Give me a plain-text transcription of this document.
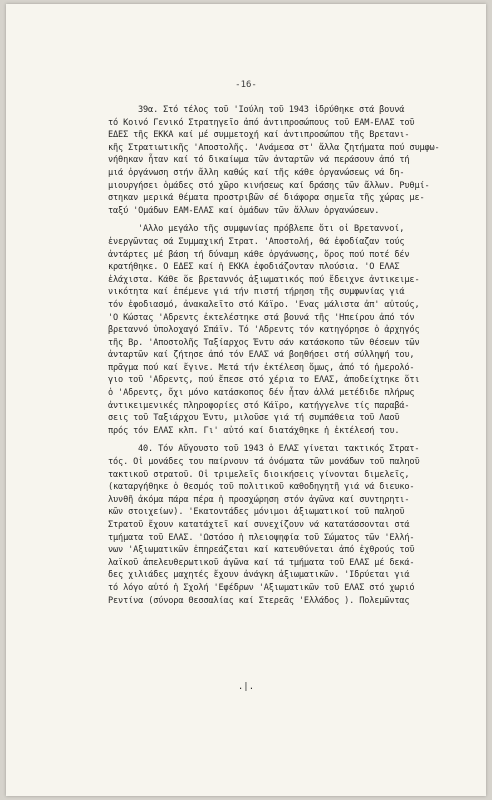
-16-
39α. Στό τέλος τοῦ 'Ιούλη τοῦ 1943 ἱδρύθηκε στά βουνά
τό Κοινό Γενικό Στρατηγεῖο ἀπό ἀντιπροσώπους τοῦ ΕΑΜ-ΕΛΑΣ τοῦ
ΕΔΕΣ τῆς ΕΚΚΑ καί μέ συμμετοχή καί ἀντιπροσώπου τῆς Βρετανι-
κῆς Στρατιωτικῆς 'Αποστολῆς. 'Ανάμεσα στ' ἄλλα ζητήματα πού συμφω-
νήθηκαν ἦταν καί τό δικαίωμα τῶν ἀνταρτῶν νά περάσουν ἀπό τή
μιά ὀργάνωση στήν ἄλλη καθώς καί τῆς κάθε ὀργανώσεως νά δη-
μιουργήσει ὁμάδες στό χῶρο κινήσεως καί δράσης τῶν ἄλλων. Ρυθμί-
στηκαν μερικά θέματα προστριβῶν σέ διάφορα σημεῖα τῆς χώρας με-
ταξύ 'Ομάδων ΕΑΜ-ΕΛΑΣ καί ὁμάδων τῶν ἄλλων ὀργανώσεων.
'Αλλο μεγάλο τῆς συμφωνίας πρόβλεπε ὅτι οἱ Βρεταννοί,
ἐνεργῶντας σά Συμμαχική Στρατ. 'Αποστολή, θά ἐφοδίαζαν τούς
ἀντάρτες μέ βάση τή δύναμη κάθε ὀργάνωσης, ὅρος πού ποτέ δέν
κρατήθηκε. Ο ΕΔΕΣ καί ἡ ΕΚΚΑ ἐφοδιάζονταν πλούσια. 'Ο ΕΛΑΣ
ἐλάχιστα. Κάθε ὅε βρεταννός ἀξιωματικός πού ἔδειχνε ἀντικειμε-
νικότητα καί ἐπέμενε γιά τήν πιστή τήρηση τῆς συμφωνίας γιά
τόν ἐφοδιασμό, ἀνακαλεῖτο στό Κάϊρο. 'Ενας μάλιστα ἀπ' αὐτούς,
'Ο Κώστας 'Αδρεντς ἐκτελέστηκε στά βουνά τῆς 'Ηπείρου ἀπό τόν
βρεταννό ὑπολοχαγό Σπάϊν. Τό 'Αδρεντς τόν κατηγόρησε ὁ ἀρχηγός
τῆς Βρ. 'Αποστολῆς Ταξίαρχος Έντυ σάν κατάσκοπο τῶν θέσεων τῶν
ἀνταρτῶν καί ζήτησε ἀπό τόν ΕΛΑΣ νά βοηθήσει στή σύλληψή του,
πρᾶγμα πού καί ἔγινε. Μετά τήν ἐκτέλεση ὅμως, ἀπό τό ἡμερολό-
γιο τοῦ 'Αδρεντς, πού ἔπεσε στό χέρια το ΕΛΑΣ, ἀποδείχτηκε ὅτι
ὁ 'Αδρεντς, ὄχι μόνο κατάσκοπος δέν ἦταν ἀλλά μετέδιδε πλήρως
ἀντικειμενικές πληροφορίες στό Κάϊρο, κατήγγελνε τίς παραβά-
σεις τοῦ Ταξιάρχου Έντυ, μιλοῦσε γιά τή συμπάθεια τοῦ Λαοῦ
πρός τόν ΕΛΑΣ κλπ. Γι' αὐτό καί διατάχθηκε ἡ ἐκτέλεσή του.
40. Τόν Αὔγουστο τοῦ 1943 ὁ ΕΛΑΣ γίνεται τακτικός Στρατ-
τός. Οἱ μονάδες του παίρνουν τά ὀνόματα τῶν μονάδων τοῦ παληοῦ
τακτικοῦ στρατοῦ. Οἱ τριμελεῖς διοικήσεις γίνονται διμελεῖς,
(καταργήθηκε ὁ θεσμός τοῦ πολιτικοῦ καθοδηγητῆ γιά νά διευκο-
λυνθῆ ἀκόμα πάρα πέρα ἡ προσχώρηση στόν ἀγῶνα καί συντηρητι-
κῶν στοιχείων). 'Εκατοντάδες μόνιμοι ἀξιωματικοί τοῦ παληοῦ
Στρατοῦ ἔχουν κατατάχτεῖ καί συνεχίζουν νά κατατάσσονται στά
τμήματα τοῦ ΕΛΑΣ. 'Ωστόσο ἡ πλειοψηφία τοῦ Σώματος τῶν 'Ελλή-
νων 'Αξιωματικῶν ἐπηρεάζεται καί κατευθύνεται ἀπό ἐχθρούς τοῦ
λαϊκοῦ ἀπελευθερωτικοῦ ἀγῶνα καί τά τμήματα τοῦ ΕΛΑΣ μέ δεκά-
δες χιλιάδες μαχητές ἔχουν ἀνάγκη ἀξιωματικῶν. 'Ιδρύεται γιά
τό λόγο αὐτό ἡ Σχολή 'Εφέδρων 'Αξιωματικῶν τοῦ ΕΛΑΣ στό χωριό
Ρεντίνα (σύνορα Θεσσαλίας καί Στερεᾶς 'Ελλάδος ). Πολεμῶντας
.|.
